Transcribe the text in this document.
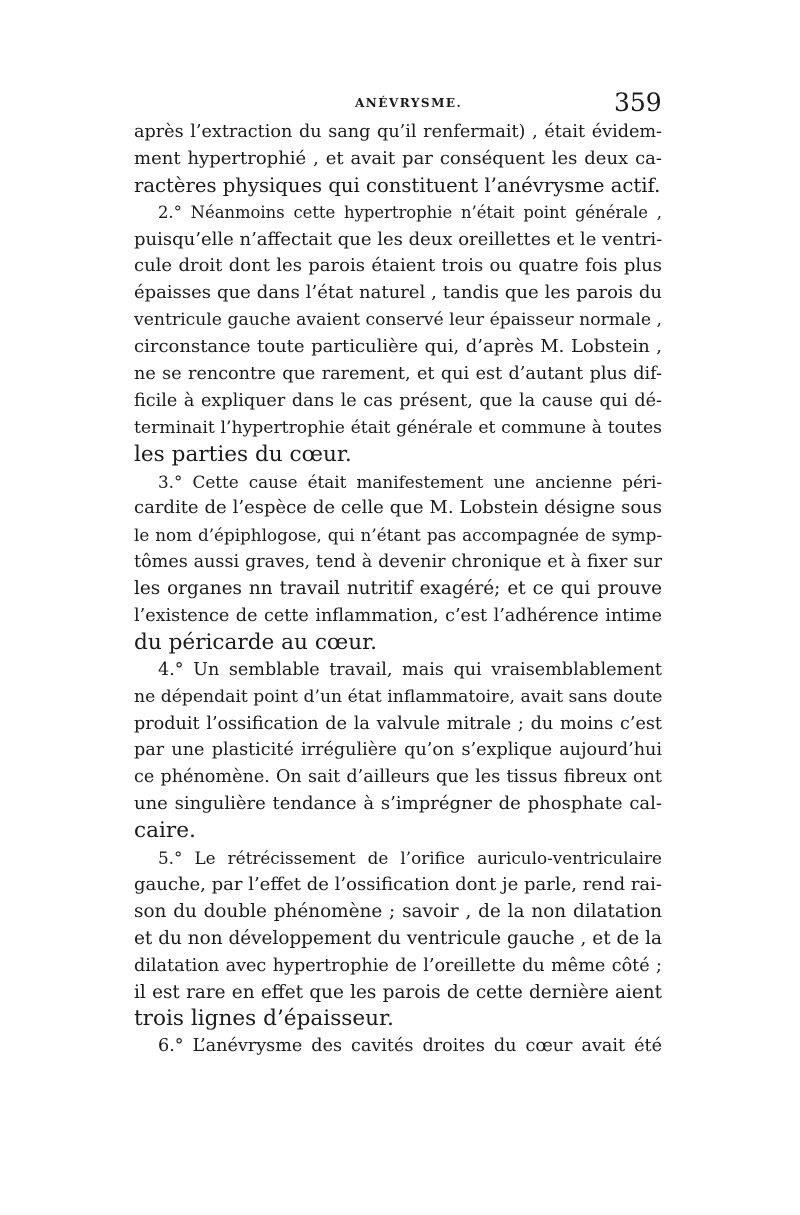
ANÉVRYSME.	359
après l’extraction du sang qu’il renfermait) , était évidem-
ment hypertrophié , et avait par conséquent les deux ca-
ractères physiques qui constituent l’anévrysme actif.
2.° Néanmoins cette hypertrophie n’était point générale ,
puisqu’elle n’affectait que les deux oreillettes et le ventri-
cule droit dont les parois étaient trois ou quatre fois plus
épaisses que dans l’état naturel , tandis que les parois du
ventricule gauche avaient conservé leur épaisseur normale ,
circonstance toute particulière qui, d’après M. Lobstein ,
ne se rencontre que rarement, et qui est d’autant plus dif-
ficile à expliquer dans le cas présent, que la cause qui dé-
terminait l’hypertrophie était générale et commune à toutes
les parties du cœur.
3.° Cette cause était manifestement une ancienne péri-
cardite de l’espèce de celle que M. Lobstein désigne sous
le nom d’épiphlogose, qui n’étant pas accompagnée de symp-
tômes aussi graves, tend à devenir chronique et à fixer sur
les organes nn travail nutritif exagéré; et ce qui prouve
l’existence de cette inflammation, c’est l’adhérence intime
du péricarde au cœur.
4.° Un semblable travail, mais qui vraisemblablement
ne dépendait point d’un état inflammatoire, avait sans doute
produit l’ossification de la valvule mitrale ; du moins c’est
par une plasticité irrégulière qu’on s’explique aujourd’hui
ce phénomène. On sait d’ailleurs que les tissus fibreux ont
une singulière tendance à s’imprégner de phosphate cal-
caire.
5.° Le rétrécissement de l’orifice auriculo-ventriculaire
gauche, par l’effet de l’ossification dont je parle, rend rai-
son du double phénomène ; savoir , de la non dilatation
et du non développement du ventricule gauche , et de la
dilatation avec hypertrophie de l’oreillette du même côté ;
il est rare en effet que les parois de cette dernière aient
trois lignes d’épaisseur.
6.° L’anévrysme des cavités droites du cœur avait été
